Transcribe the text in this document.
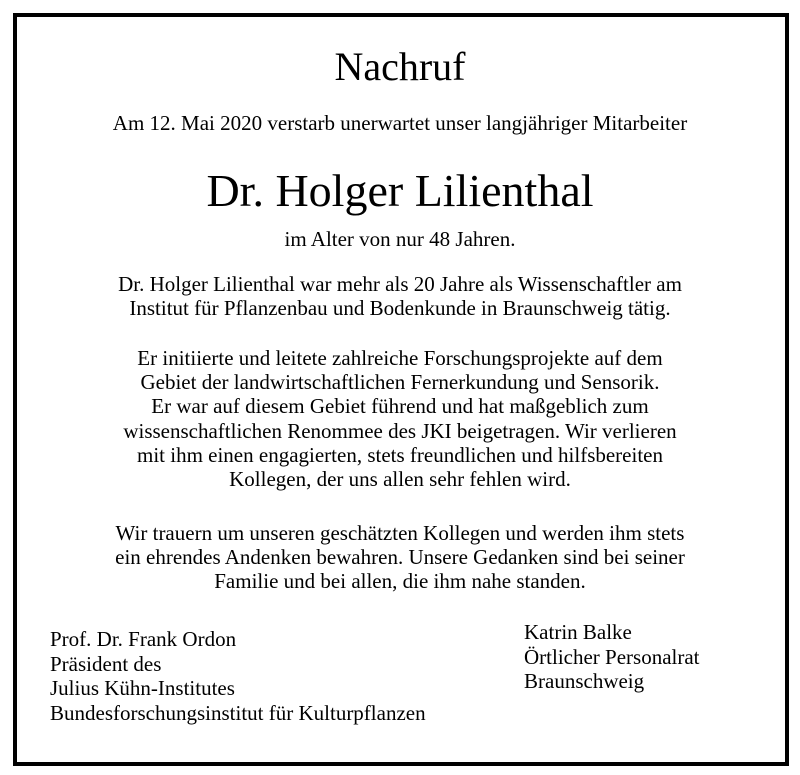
Nachruf
Am 12. Mai 2020 verstarb unerwartet unser langjähriger Mitarbeiter
Dr. Holger Lilienthal
im Alter von nur 48 Jahren.
Dr. Holger Lilienthal war mehr als 20 Jahre als Wissenschaftler am
Institut für Pflanzenbau und Bodenkunde in Braunschweig tätig.
Er initiierte und leitete zahlreiche Forschungsprojekte auf dem
Gebiet der landwirtschaftlichen Fernerkundung und Sensorik.
Er war auf diesem Gebiet führend und hat maßgeblich zum
wissenschaftlichen Renommee des JKI beigetragen. Wir verlieren
mit ihm einen engagierten, stets freundlichen und hilfsbereiten
Kollegen, der uns allen sehr fehlen wird.
Wir trauern um unseren geschätzten Kollegen und werden ihm stets
ein ehrendes Andenken bewahren. Unsere Gedanken sind bei seiner
Familie und bei allen, die ihm nahe standen.
Prof. Dr. Frank Ordon
Präsident des
Julius Kühn-Institutes
Bundesforschungsinstitut für Kulturpflanzen
Katrin Balke
Örtlicher Personalrat
Braunschweig
